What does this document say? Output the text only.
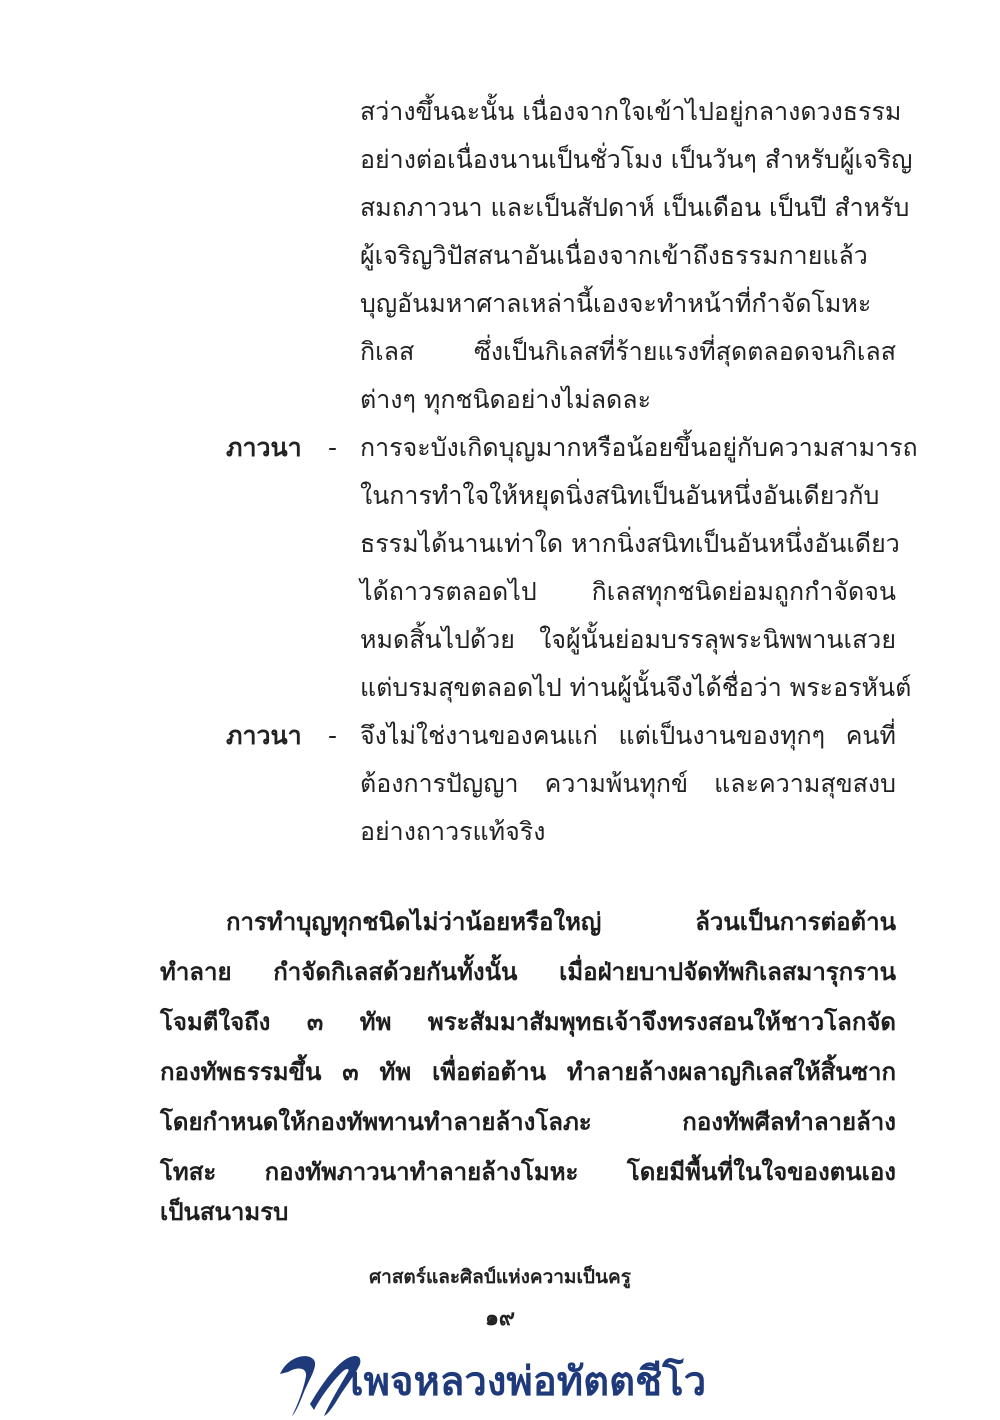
สว่างขึ้นฉะนั้น เนื่องจากใจเข้าไปอยู่กลางดวงธรรม
อย่างต่อเนื่องนานเป็นชั่วโมง เป็นวันๆ สำหรับผู้เจริญ
สมถภาวนา และเป็นสัปดาห์ เป็นเดือน เป็นปี สำหรับ
ผู้เจริญวิปัสสนาอันเนื่องจากเข้าถึงธรรมกายแล้ว
บุญอันมหาศาลเหล่านี้เองจะทำหน้าที่กำจัดโมหะ
กิเลส ซึ่งเป็นกิเลสที่ร้ายแรงที่สุดตลอดจนกิเลส
ต่างๆ ทุกชนิดอย่างไม่ลดละ
ภาวนา - การจะบังเกิดบุญมากหรือน้อยขึ้นอยู่กับความสามารถ
ในการทำใจให้หยุดนิ่งสนิทเป็นอันหนึ่งอันเดียวกับ
ธรรมได้นานเท่าใด หากนิ่งสนิทเป็นอันหนึ่งอันเดียว
ได้ถาวรตลอดไป กิเลสทุกชนิดย่อมถูกกำจัดจน
หมดสิ้นไปด้วย ใจผู้นั้นย่อมบรรลุพระนิพพานเสวย
แต่บรมสุขตลอดไป ท่านผู้นั้นจึงได้ชื่อว่า พระอรหันต์
ภาวนา - จึงไม่ใช่งานของคนแก่ แต่เป็นงานของทุกๆ คนที่
ต้องการปัญญา ความพ้นทุกข์ และความสุขสงบ
อย่างถาวรแท้จริง
การทำบุญทุกชนิดไม่ว่าน้อยหรือใหญ่ ล้วนเป็นการต่อต้าน
ทำลาย กำจัดกิเลสด้วยกันทั้งนั้น เมื่อฝ่ายบาปจัดทัพกิเลสมารุกราน
โจมตีใจถึง ๓ ทัพ พระสัมมาสัมพุทธเจ้าจึงทรงสอนให้ชาวโลกจัด
กองทัพธรรมขึ้น ๓ ทัพ เพื่อต่อต้าน ทำลายล้างผลาญกิเลสให้สิ้นซาก
โดยกำหนดให้กองทัพทานทำลายล้างโลภะ กองทัพศีลทำลายล้าง
โทสะ กองทัพภาวนาทำลายล้างโมหะ โดยมีพื้นที่ในใจของตนเอง
เป็นสนามรบ
ศาสตร์และศิลป์แห่งความเป็นครู
๑๙
เพจหลวงพ่อทัตตชีโว
